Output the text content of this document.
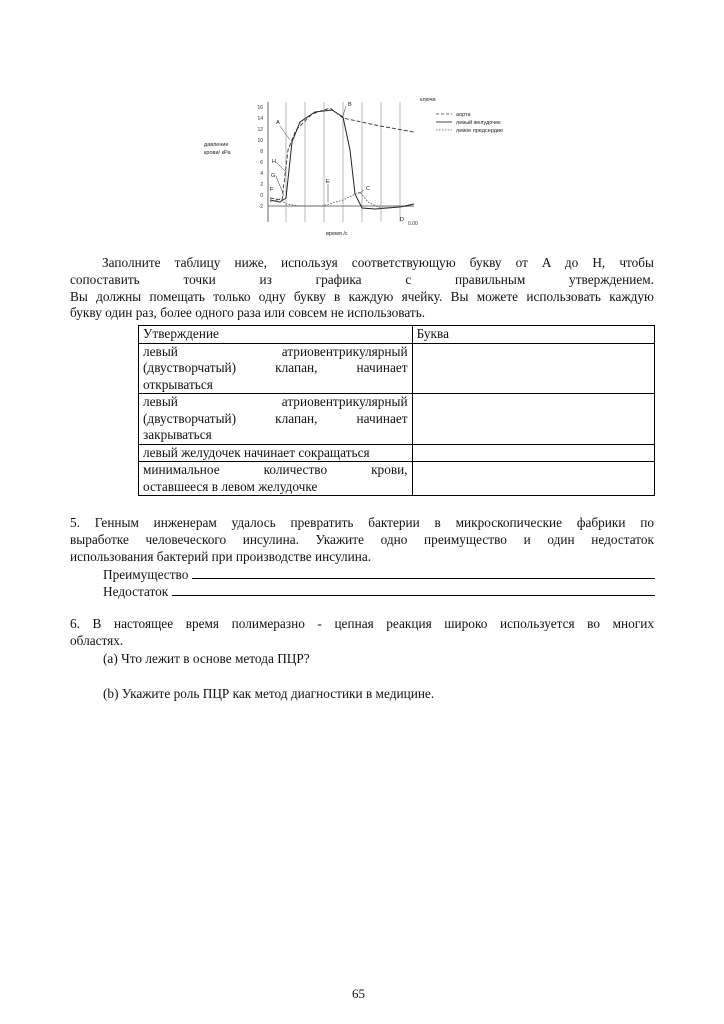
16
14
12
10
8
6
4
2
0
-2
давление
крови/ кРа
время /с
0.00
A
B
C
D
E
F
G
H
ключи
аорта
левый желудочек
левое предсердие
Заполните таблицу ниже, используя соответствующую букву от A до H, чтобы
сопоставить точки из графика с правильным утверждением.
Вы должны помещать только одну букву в каждую ячейку. Вы можете использовать каждую
букву один раз, более одного раза или совсем не использовать.
Утверждение	Буква

левый атриовентрикулярный
(двустворчатый) клапан, начинает
открываться	

левый атриовентрикулярный
(двустворчатый) клапан, начинает
закрываться	

левый желудочек начинает сокращаться	

минимальное количество крови,
оставшееся в левом желудочке	

5. Генным инженерам удалось превратить бактерии в микроскопические фабрики по
выработке человеческого инсулина. Укажите одно преимущество и один недостаток
использования бактерий при производстве инсулина.
Преимущество
Недостаток
6. В настоящее время полимеразно - цепная реакция широко используется во многих
областях.
(a) Что лежит в основе метода ПЦР?
(b) Укажите роль ПЦР как метод диагностики в медицине.
65
